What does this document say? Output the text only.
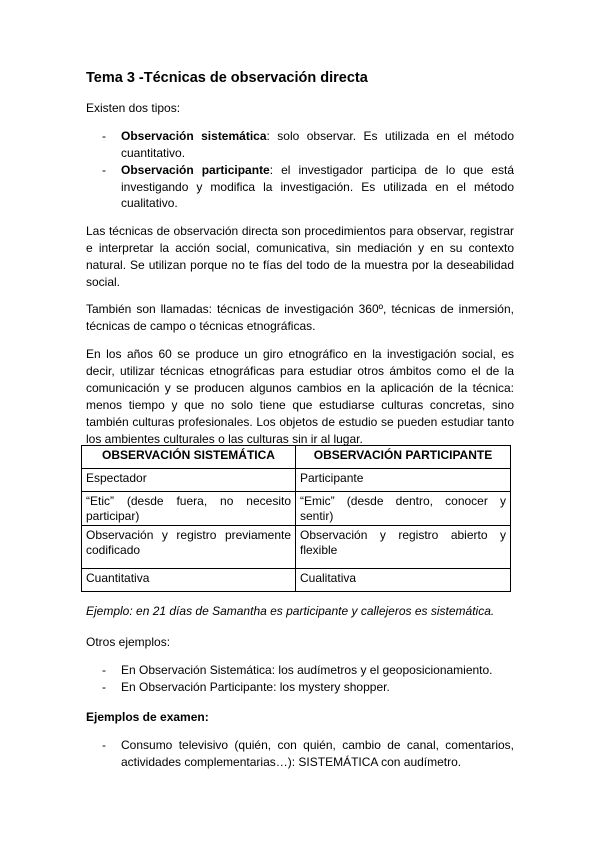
Tema 3 -Técnicas de observación directa

Existen dos tipos:

- Observación sistemática: solo observar. Es utilizada en el método cuantitativo.
- Observación participante: el investigador participa de lo que está investigando y modifica la investigación. Es utilizada en el método cualitativo.

Las técnicas de observación directa son procedimientos para observar, registrar e interpretar la acción social, comunicativa, sin mediación y en su contexto natural. Se utilizan porque no te fías del todo de la muestra por la deseabilidad social.

También son llamadas: técnicas de investigación 360º, técnicas de inmersión, técnicas de campo o técnicas etnográficas.

En los años 60 se produce un giro etnográfico en la investigación social, es decir, utilizar técnicas etnográficas para estudiar otros ámbitos como el de la comunicación y se producen algunos cambios en la aplicación de la técnica: menos tiempo y que no solo tiene que estudiarse culturas concretas, sino también culturas profesionales. Los objetos de estudio se pueden estudiar tanto los ambientes culturales o las culturas sin ir al lugar.

OBSERVACIÓN SISTEMÁTICA	OBSERVACIÓN PARTICIPANTE
Espectador	Participante
“Etic” (desde fuera, no necesito participar)	“Emic” (desde dentro, conocer y sentir)
Observación y registro previamente codificado	Observación y registro abierto y flexible
Cuantitativa	Cualitativa

Ejemplo: en 21 días de Samantha es participante y callejeros es sistemática.

Otros ejemplos:

- En Observación Sistemática: los audímetros y el geoposicionamiento.
- En Observación Participante: los mystery shopper.

Ejemplos de examen:

- Consumo televisivo (quién, con quién, cambio de canal, comentarios, actividades complementarias…): SISTEMÁTICA con audímetro.
